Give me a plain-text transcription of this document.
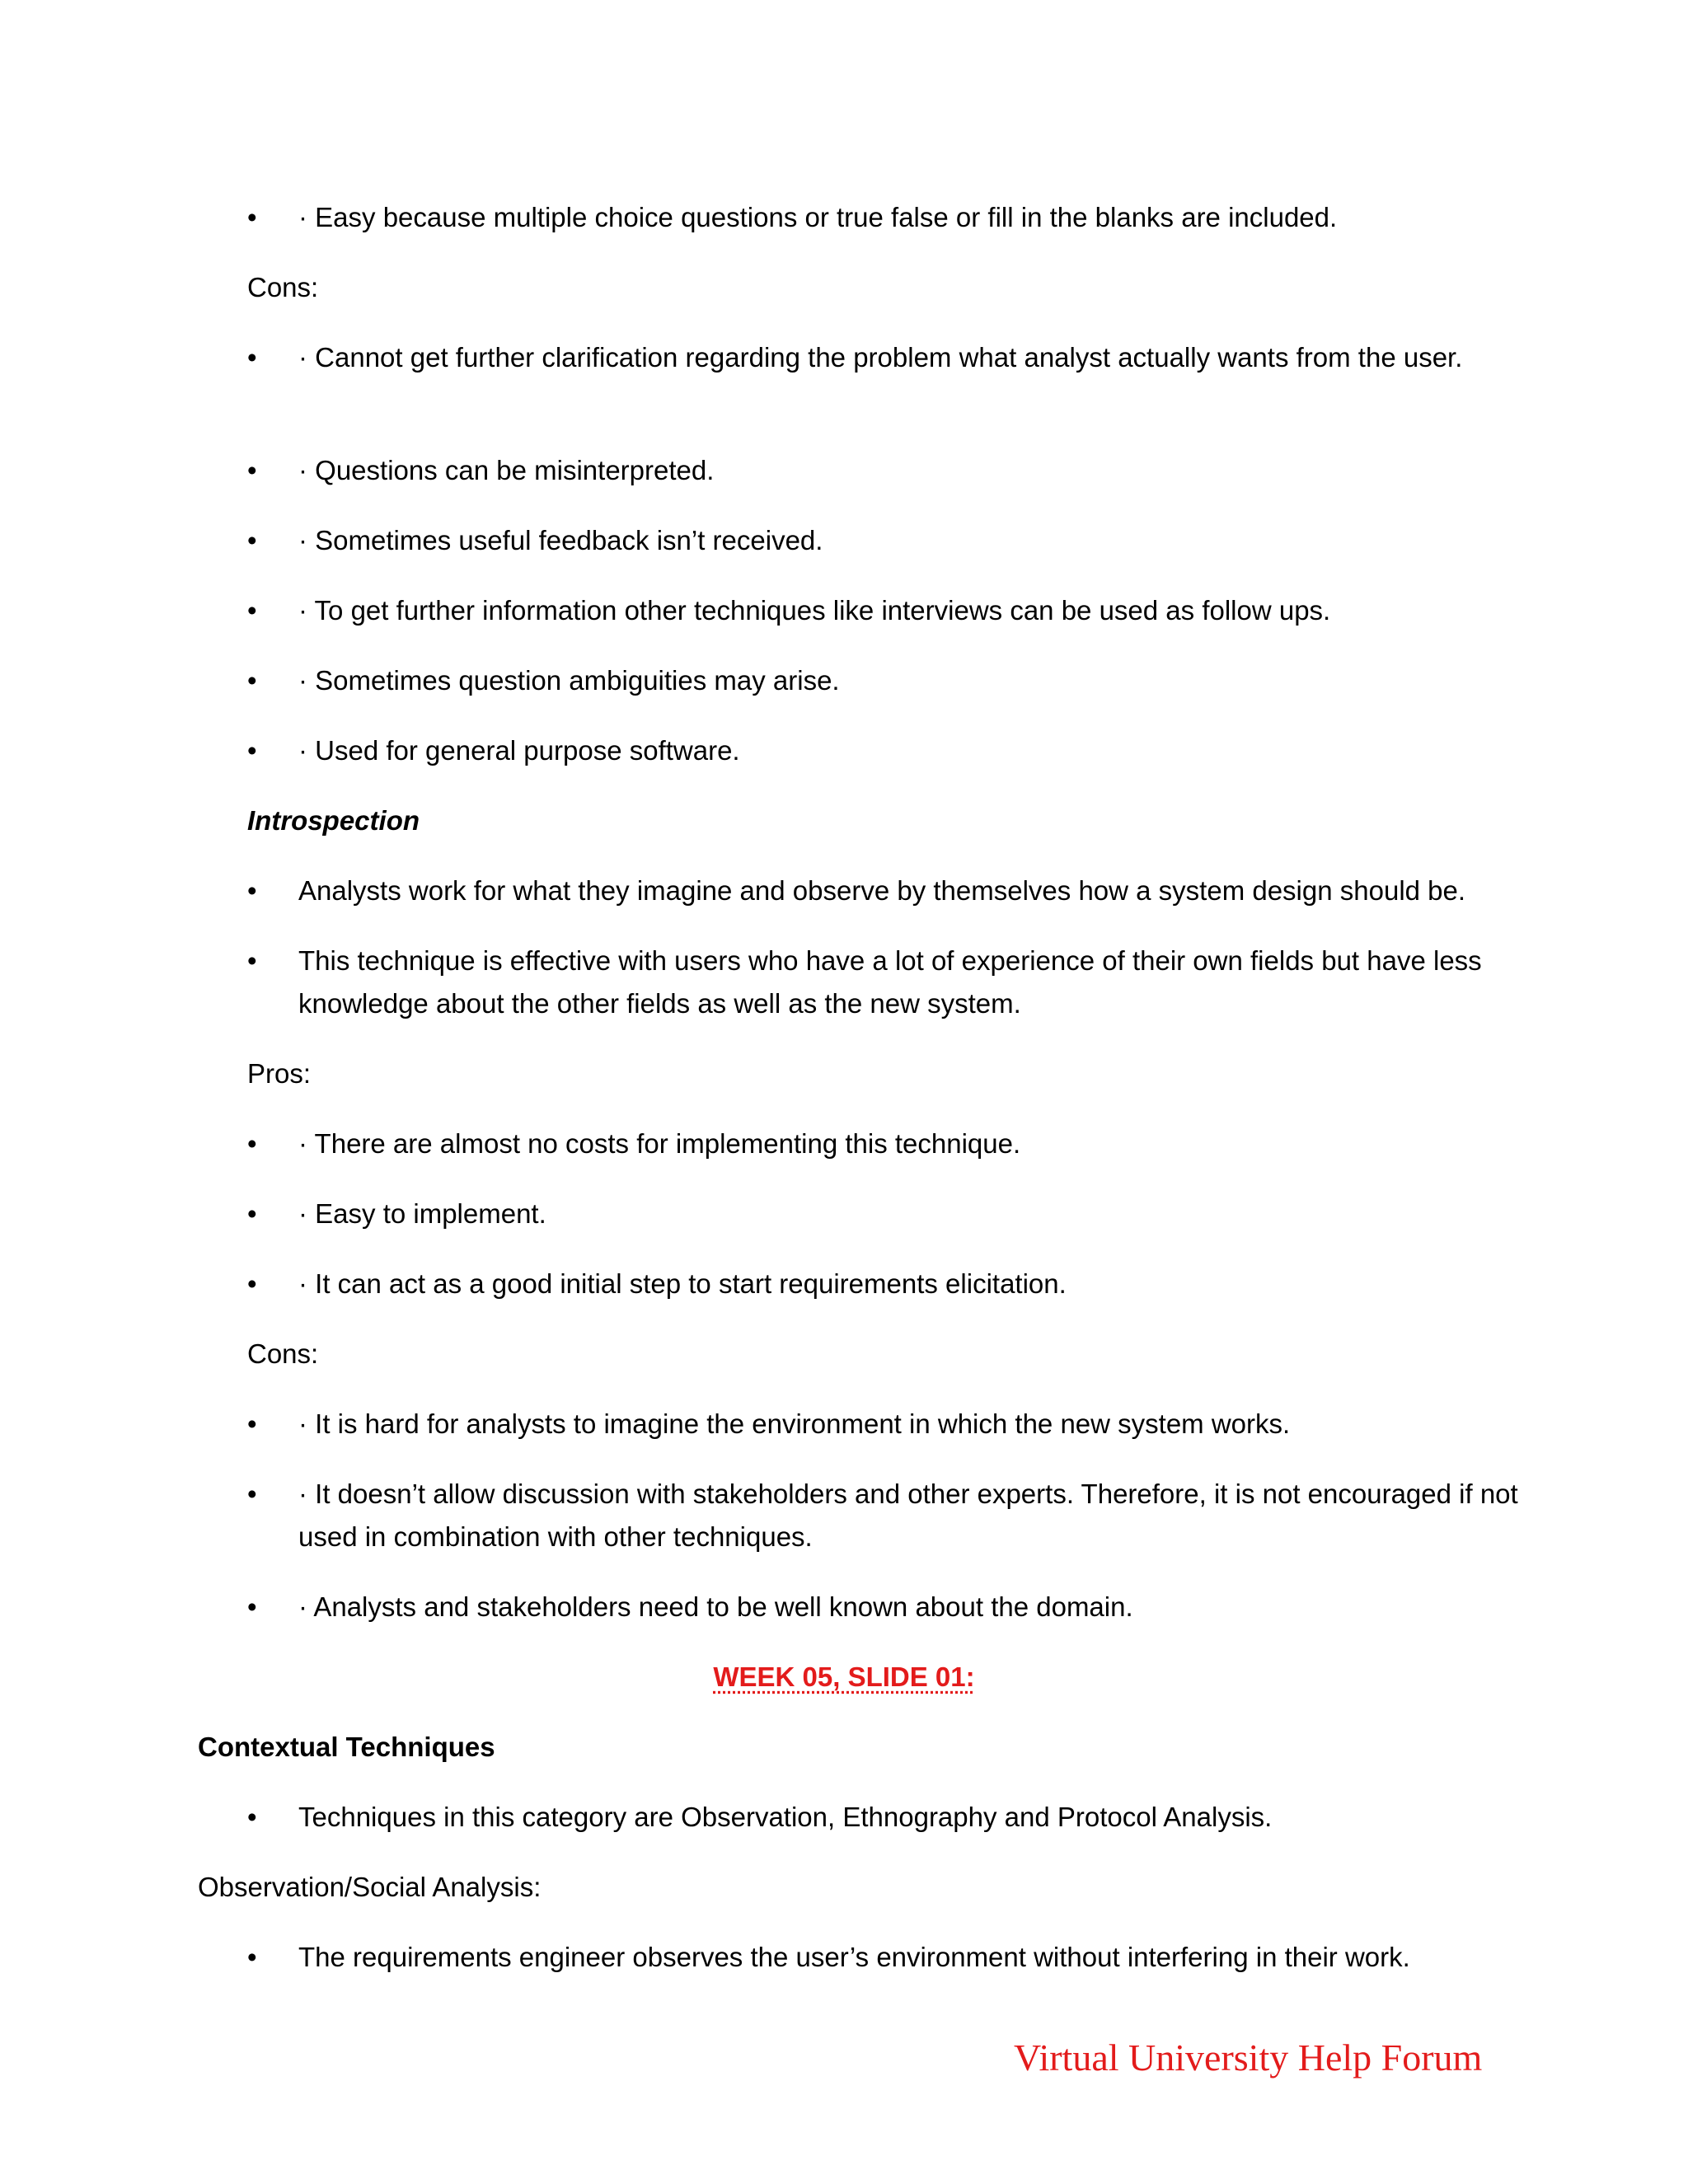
• · Easy because multiple choice questions or true false or fill in the blanks are included.
Cons:
• · Cannot get further clarification regarding the problem what analyst actually wants from the user.
• · Questions can be misinterpreted.
• · Sometimes useful feedback isn’t received.
• · To get further information other techniques like interviews can be used as follow ups.
• · Sometimes question ambiguities may arise.
• · Used for general purpose software.
Introspection
• Analysts work for what they imagine and observe by themselves how a system design should be.
• This technique is effective with users who have a lot of experience of their own fields but have less knowledge about the other fields as well as the new system.
Pros:
• · There are almost no costs for implementing this technique.
• · Easy to implement.
• · It can act as a good initial step to start requirements elicitation.
Cons:
• · It is hard for analysts to imagine the environment in which the new system works.
• · It doesn’t allow discussion with stakeholders and other experts. Therefore, it is not encouraged if not used in combination with other techniques.
• · Analysts and stakeholders need to be well known about the domain.
WEEK 05, SLIDE 01:
Contextual Techniques
• Techniques in this category are Observation, Ethnography and Protocol Analysis.
Observation/Social Analysis:
• The requirements engineer observes the user’s environment without interfering in their work.
Virtual University Help Forum
